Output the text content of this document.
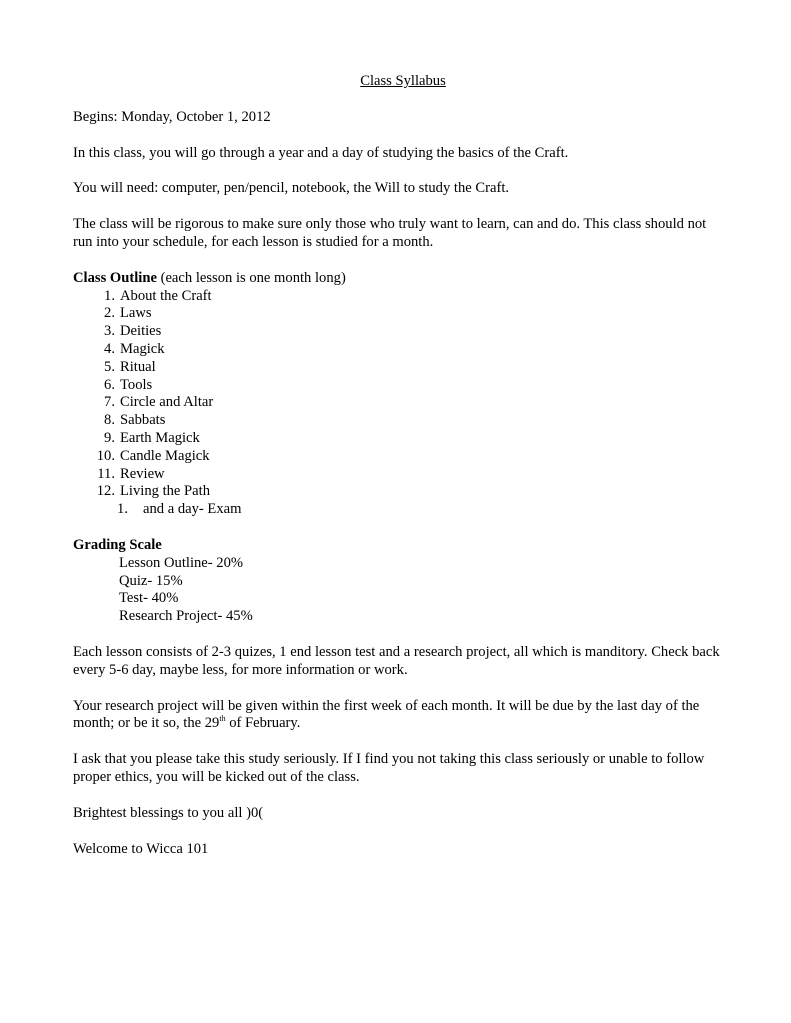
Class Syllabus

Begins: Monday, October 1, 2012

In this class, you will go through a year and a day of studying the basics of the Craft.

You will need: computer, pen/pencil, notebook, the Will to study the Craft.

The class will be rigorous to make sure only those who truly want to learn, can and do. This class should not run into your schedule, for each lesson is studied for a month.

Class Outline (each lesson is one month long)
1. About the Craft
2. Laws
3. Deities
4. Magick
5. Ritual
6. Tools
7. Circle and Altar
8. Sabbats
9. Earth Magick
10. Candle Magick
11. Review
12. Living the Path
1. and a day- Exam
Grading Scale
Lesson Outline- 20%
Quiz- 15%
Test- 40%
Research Project- 45%

Each lesson consists of 2-3 quizes, 1 end lesson test and a research project, all which is manditory. Check back every 5-6 day, maybe less, for more information or work.

Your research project will be given within the first week of each month. It will be due by the last day of the month; or be it so, the 29th of February.

I ask that you please take this study seriously. If I find you not taking this class seriously or unable to follow proper ethics, you will be kicked out of the class.

Brightest blessings to you all )0(

Welcome to Wicca 101
